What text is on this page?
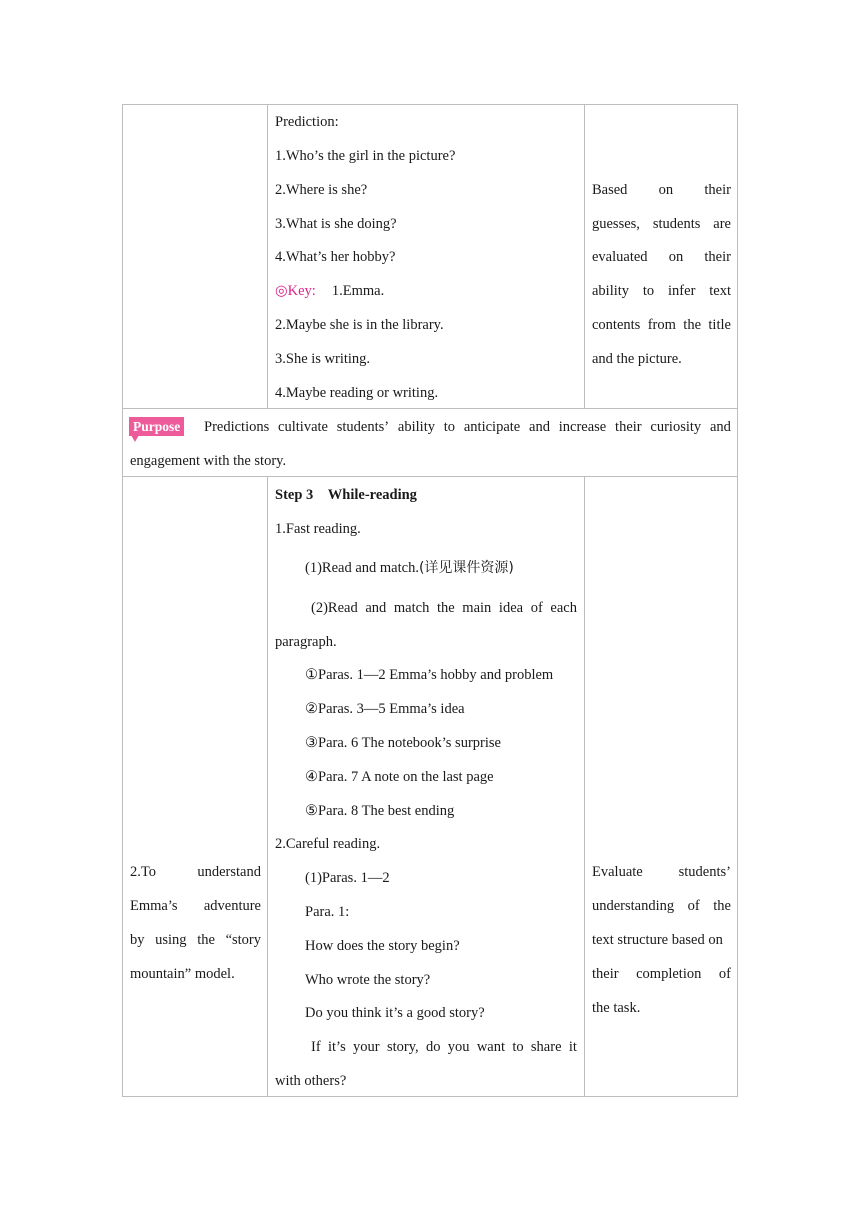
Prediction:
1.Who’s the girl in the picture?
2.Where is she?
3.What is she doing?
4.What’s her hobby?
◎Key: 1.Emma.
2.Maybe she is in the library.
3.She is writing.
4.Maybe reading or writing.
Based on their
guesses, students are
evaluated on their
ability to infer text
contents from the title
and the picture.
Purpose Predictions cultivate students’ ability to anticipate and increase their curiosity and
engagement with the story.
2.To	understand
Emma’s adventure
by using the “story
mountain” model.
Step 3　While-reading
1.Fast reading.
(1)Read and match.(详见课件资源)
(2)Read and match the main idea of each
paragraph.
①Paras. 1—2 Emma’s hobby and problem
②Paras. 3—5 Emma’s idea
③Para. 6 The notebook’s surprise
④Para. 7 A note on the last page
⑤Para. 8 The best ending
2.Careful reading.
(1)Paras. 1—2
Para. 1:
How does the story begin?
Who wrote the story?
Do you think it’s a good story?
If it’s your story, do you want to share it
with others?
Evaluate students’
understanding of the
text structure based on
their completion of
the task.
